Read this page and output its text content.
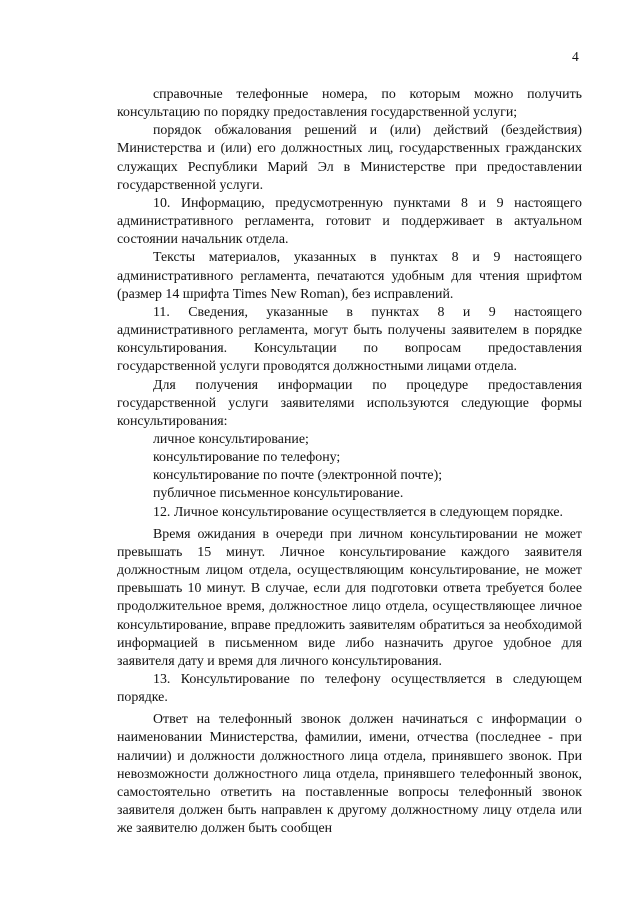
4

справочные телефонные номера, по которым можно получить консультацию по порядку предоставления государственной услуги;

порядок обжалования решений и (или) действий (бездействия) Министерства и (или) его должностных лиц, государственных гражданских служащих Республики Марий Эл в Министерстве при предоставлении государственной услуги.

10. Информацию, предусмотренную пунктами 8 и 9 настоящего административного регламента, готовит и поддерживает в актуальном состоянии начальник отдела.

Тексты материалов, указанных в пунктах 8 и 9 настоящего административного регламента, печатаются удобным для чтения шрифтом (размер 14 шрифта Times New Roman), без исправлений.

11. Сведения, указанные в пунктах 8 и 9 настоящего административного регламента, могут быть получены заявителем в порядке консультирования. Консультации по вопросам предоставления государственной услуги проводятся должностными лицами отдела.

Для получения информации по процедуре предоставления государственной услуги заявителями используются следующие формы консультирования:

личное консультирование;

консультирование по телефону;

консультирование по почте (электронной почте);

публичное письменное консультирование.

12. Личное консультирование осуществляется в следующем порядке.

Время ожидания в очереди при личном консультировании не может превышать 15 минут. Личное консультирование каждого заявителя должностным лицом отдела, осуществляющим консультирование, не может превышать 10 минут. В случае, если для подготовки ответа требуется более продолжительное время, должностное лицо отдела, осуществляющее личное консультирование, вправе предложить заявителям обратиться за необходимой информацией в письменном виде либо назначить другое удобное для заявителя дату и время для личного консультирования.

13. Консультирование по телефону осуществляется в следующем порядке.

Ответ на телефонный звонок должен начинаться с информации о наименовании Министерства, фамилии, имени, отчества (последнее - при наличии) и должности должностного лица отдела, принявшего звонок. При невозможности должностного лица отдела, принявшего телефонный звонок, самостоятельно ответить на поставленные вопросы телефонный звонок заявителя должен быть направлен к другому должностному лицу отдела или же заявителю должен быть сообщен
